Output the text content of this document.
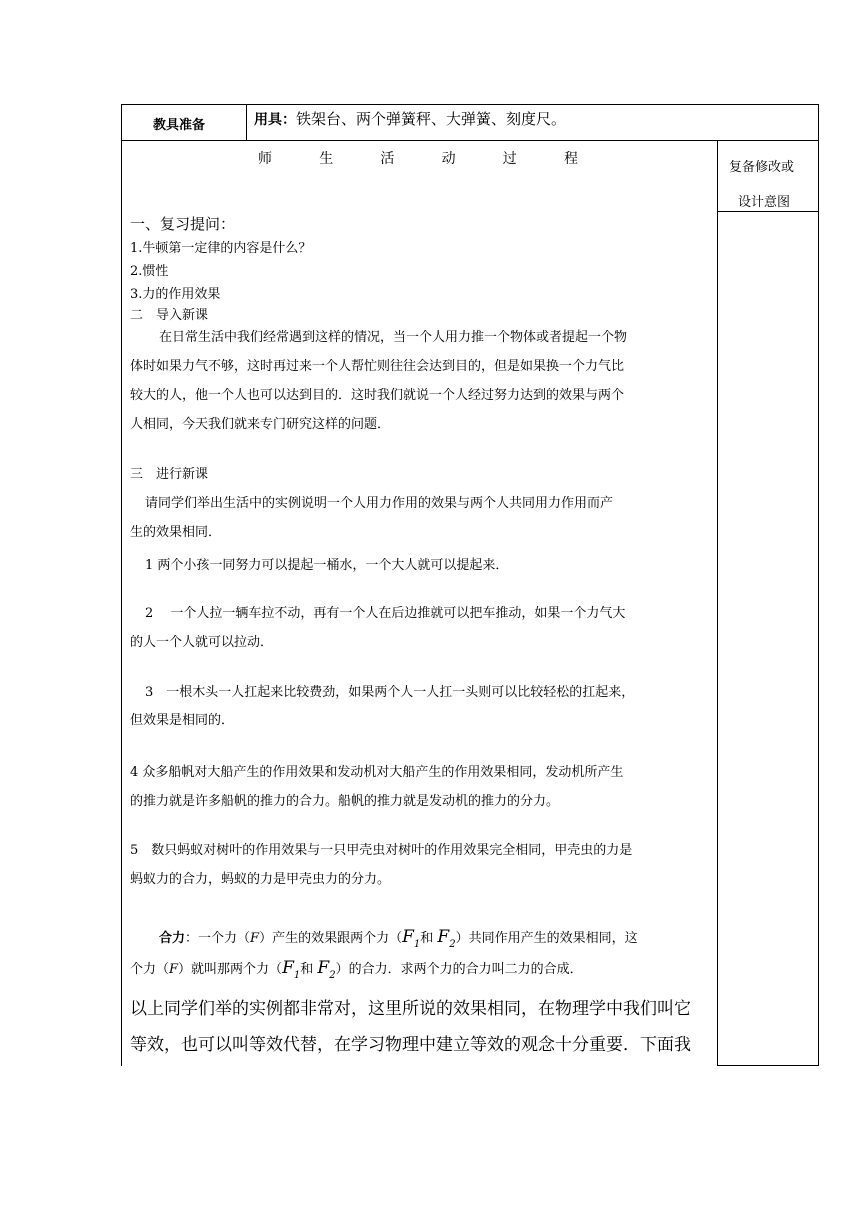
教具准备	用具：铁架台、两个弹簧秤、大弹簧、刻度尺。
师	生	活	动	过	程
复备修改或
设计意图
一、复习提问：
1.牛顿第一定律的内容是什么？
2.惯性
3.力的作用效果
二　导入新课
在日常生活中我们经常遇到这样的情况，当一个人用力推一个物体或者提起一个物
体时如果力气不够，这时再过来一个人帮忙则往往会达到目的，但是如果换一个力气比
较大的人，他一个人也可以达到目的．这时我们就说一个人经过努力达到的效果与两个
人相同，今天我们就来专门研究这样的问题．
三　进行新课
请同学们举出生活中的实例说明一个人用力作用的效果与两个人共同用力作用而产
生的效果相同．
1 两个小孩一同努力可以提起一桶水，一个大人就可以提起来．
2　 一个人拉一辆车拉不动，再有一个人在后边推就可以把车推动，如果一个力气大
的人一个人就可以拉动．
3　一根木头一人扛起来比较费劲，如果两个人一人扛一头则可以比较轻松的扛起来，
但效果是相同的．
4 众多船帆对大船产生的作用效果和发动机对大船产生的作用效果相同，发动机所产生
的推力就是许多船帆的推力的合力。船帆的推力就是发动机的推力的分力。
5　数只蚂蚁对树叶的作用效果与一只甲壳虫对树叶的作用效果完全相同，甲壳虫的力是
蚂蚁力的合力，蚂蚁的力是甲壳虫力的分力。
合力：一个力（F）产生的效果跟两个力（$F_1$和 $F_2$）共同作用产生的效果相同，这
个力（F）就叫那两个力（$F_1$和 $F_2$）的合力．求两个力的合力叫二力的合成．
以上同学们举的实例都非常对，这里所说的效果相同，在物理学中我们叫它
等效，也可以叫等效代替，在学习物理中建立等效的观念十分重要．下面我
